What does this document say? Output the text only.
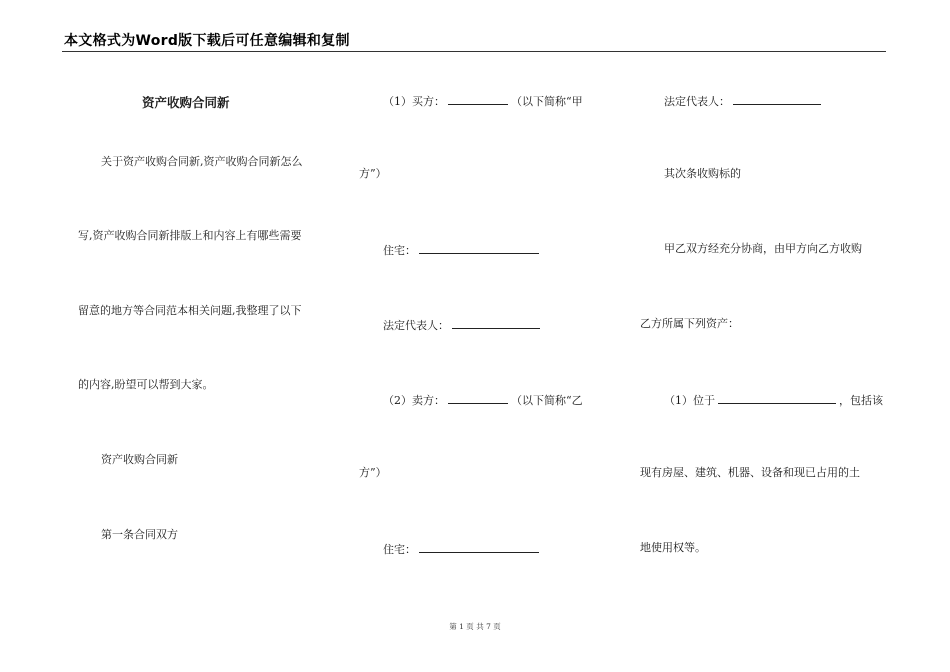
本文格式为Word版下载后可任意编辑和复制
资产收购合同新
关于资产收购合同新,资产收购合同新怎么
写,资产收购合同新排版上和内容上有哪些需要
留意的地方等合同范本相关问题,我整理了以下
的内容,盼望可以帮到大家。
资产收购合同新
第一条合同双方
（1）买方：	（以下简称“甲
方”）
住宅：
法定代表人：
（2）卖方：	（以下简称“乙
方”）
住宅：
法定代表人：
其次条收购标的
甲乙双方经充分协商，由甲方向乙方收购
乙方所属下列资产：
（1）位于	，包括该
现有房屋、建筑、机器、设备和现已占用的土
地使用权等。
第 1 页 共 7 页
